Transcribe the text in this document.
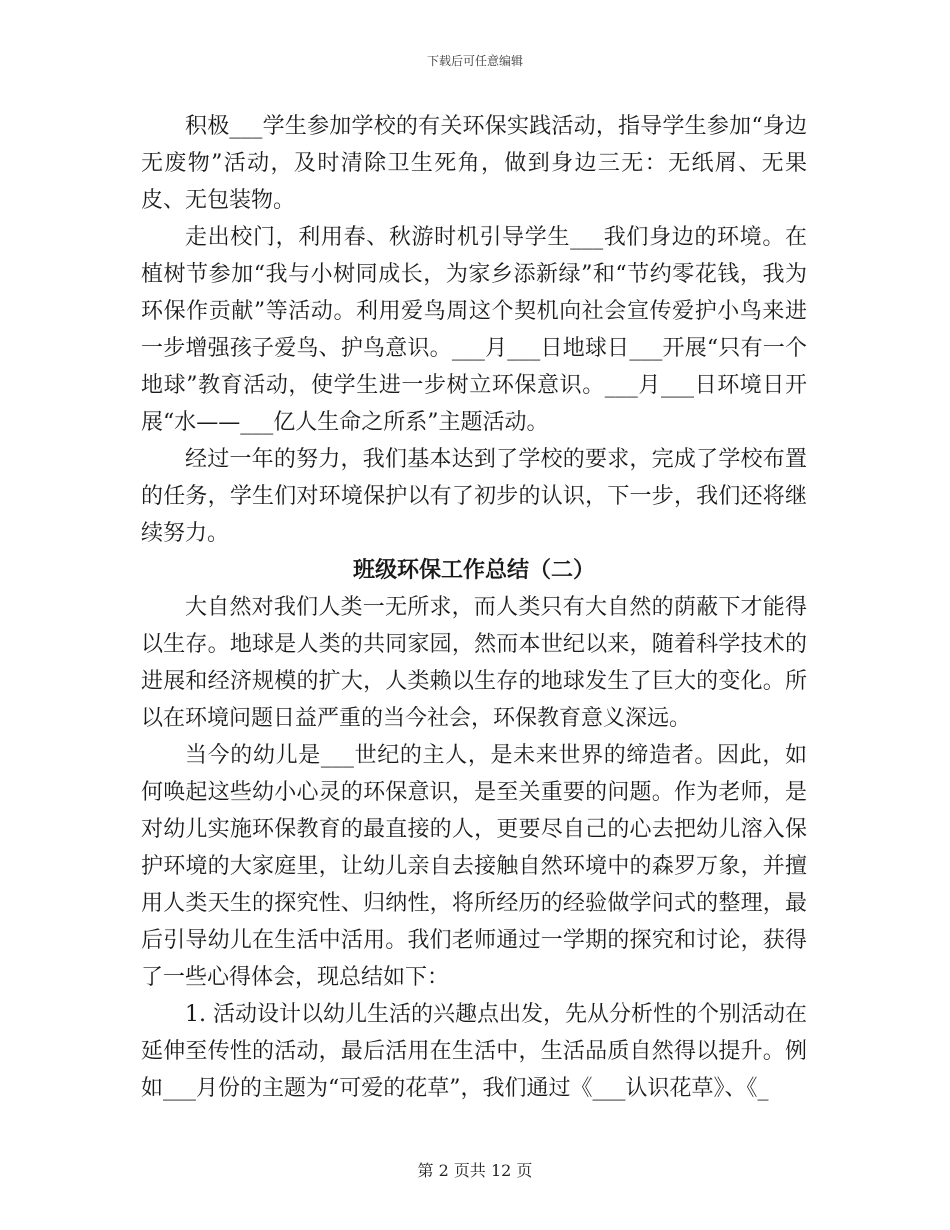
下载后可任意编辑

积极___学生参加学校的有关环保实践活动，指导学生参加“身边无废物”活动，及时清除卫生死角，做到身边三无：无纸屑、无果皮、无包装物。

走出校门，利用春、秋游时机引导学生___我们身边的环境。在植树节参加“我与小树同成长，为家乡添新绿”和“节约零花钱，我为环保作贡献”等活动。利用爱鸟周这个契机向社会宣传爱护小鸟来进一步增强孩子爱鸟、护鸟意识。___月___日地球日___开展“只有一个地球”教育活动，使学生进一步树立环保意识。___月___日环境日开展“水——___亿人生命之所系”主题活动。

经过一年的努力，我们基本达到了学校的要求，完成了学校布置的任务，学生们对环境保护以有了初步的认识，下一步，我们还将继续努力。

班级环保工作总结（二）

大自然对我们人类一无所求，而人类只有大自然的荫蔽下才能得以生存。地球是人类的共同家园，然而本世纪以来，随着科学技术的进展和经济规模的扩大，人类赖以生存的地球发生了巨大的变化。所以在环境问题日益严重的当今社会，环保教育意义深远。

当今的幼儿是___世纪的主人，是未来世界的缔造者。因此，如何唤起这些幼小心灵的环保意识，是至关重要的问题。作为老师，是对幼儿实施环保教育的最直接的人，更要尽自己的心去把幼儿溶入保护环境的大家庭里，让幼儿亲自去接触自然环境中的森罗万象，并擅用人类天生的探究性、归纳性，将所经历的经验做学问式的整理，最后引导幼儿在生活中活用。我们老师通过一学期的探究和讨论，获得了一些心得体会，现总结如下：

1. 活动设计以幼儿生活的兴趣点出发，先从分析性的个别活动在延伸至传性的活动，最后活用在生活中，生活品质自然得以提升。例如___月份的主题为“可爱的花草”，我们通过《___认识花草》、《_

第 2 页共 12 页
